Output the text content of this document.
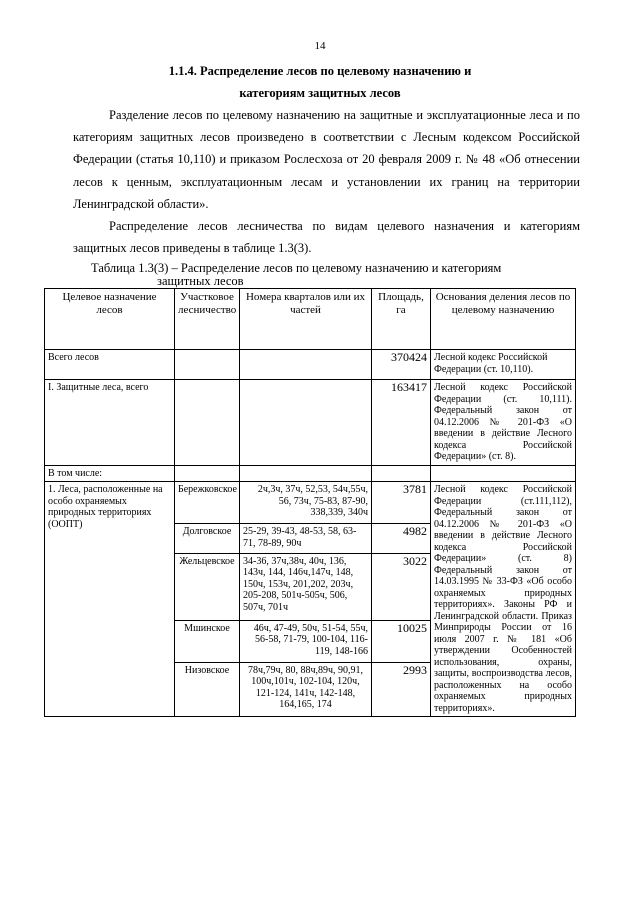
14
1.1.4. Распределение лесов по целевому назначению и
категориям защитных лесов

Разделение лесов по целевому назначению на защитные и эксплуатационные леса и по категориям защитных лесов произведено в соответствии с Лесным кодексом Российской Федерации (статья 10,110) и приказом Рослесхоза от 20 февраля 2009 г. № 48 «Об отнесении лесов к ценным, эксплуатационным лесам и установлении их границ на территории Ленинградской области».

Распределение лесов лесничества по видам целевого назначения и категориям защитных лесов приведены в таблице 1.3(3).

Таблица 1.3(3) – Распределение лесов по целевому назначению и категориям
защитных лесов
Целевое назначение лесов	Участковое лесничество	Номера кварталов или их частей	Площадь, га	Основания деления лесов по целевому назначению
Всего лесов			370424	Лесной кодекс Российской Федерации (ст. 10,110).
I. Защитные леса, всего			163417	Лесной кодекс Российской Федерации (ст. 10,111). Федеральный закон от 04.12.2006 № 201-ФЗ «О введении в действие Лесного кодекса Российской Федерации» (ст. 8).
В том числе:				
1. Леса, расположенные на особо охраняемых природных территориях (ООПТ)	Бережковское	2ч,3ч, 37ч, 52,53, 54ч,55ч, 56, 73ч, 75-83, 87-90, 338,339, 340ч	3781	Лесной кодекс Российской Федерации (ст.111,112), Федеральный закон от 04.12.2006 № 201-ФЗ «О введении в действие Лесного кодекса Российской Федерации» (ст. 8) Федеральный закон от 14.03.1995 № 33-ФЗ «Об особо охраняемых природных территориях». Законы РФ и Ленинградской области. Приказ Минприроды России от 16 июля 2007 г. № 181 «Об утверждении Особенностей использования, охраны, защиты, воспроизводства лесов, расположенных на особо охраняемых природных территориях».
	Долговское	25-29, 39-43, 48-53, 58, 63-71, 78-89, 90ч	4982	
	Жельцевское	34-36, 37ч,38ч, 40ч, 136, 143ч, 144, 146ч,147ч, 148, 150ч, 153ч, 201,202, 203ч, 205-208, 501ч-505ч, 506, 507ч, 701ч	3022	
	Мшинское	46ч, 47-49, 50ч, 51-54, 55ч, 56-58, 71-79, 100-104, 116-119, 148-166	10025	
	Низовское	78ч,79ч, 80, 88ч,89ч, 90,91, 100ч,101ч, 102-104, 120ч, 121-124, 141ч, 142-148, 164,165, 174	2993	
